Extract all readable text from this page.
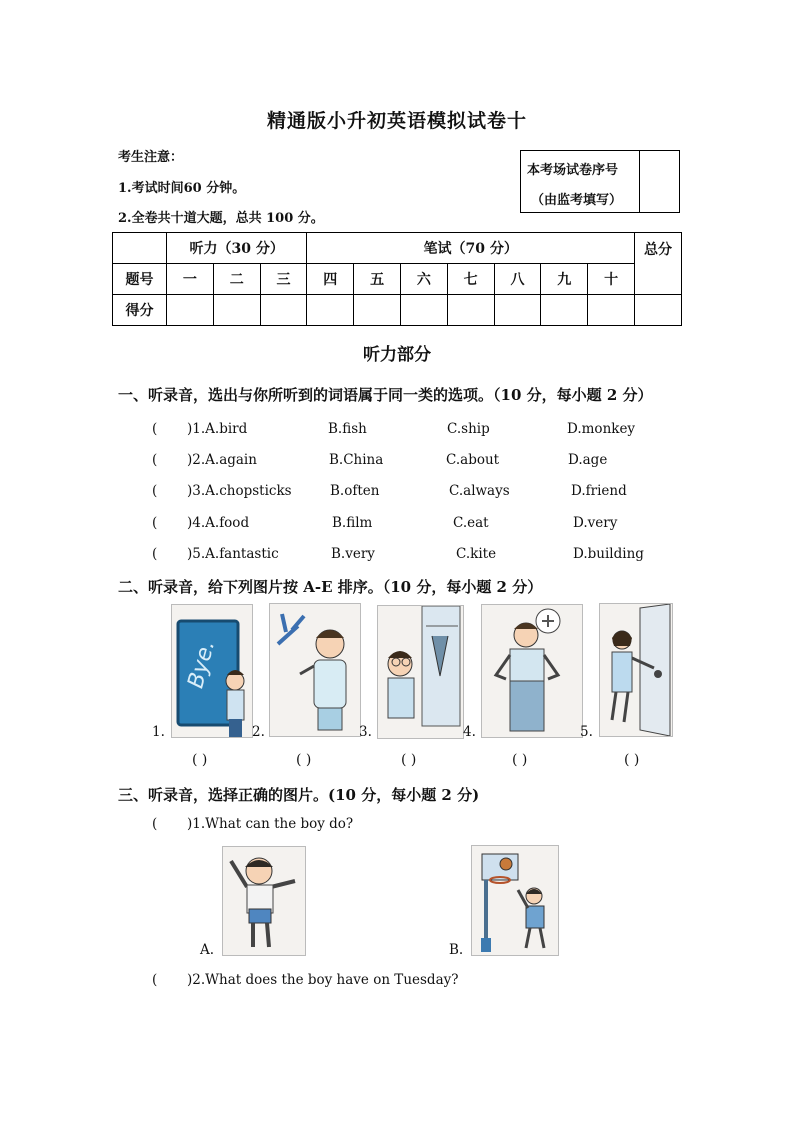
精通版小升初英语模拟试卷十
考生注意：
1.考试时间60 分钟。
2.全卷共十道大题，总共 100 分。
本考场试卷序号
（由监考填写）
	听力（30 分）			笔试（70 分）							总分
题号	一	二	三	四	五	六	七	八	九	十	
得分											
听力部分
一、听录音，选出与你所听到的词语属于同一类的选项。（10 分，每小题 2 分）
( )1.A.bird	B.fish	C.ship	D.monkey
( )2.A.again	B.China	C.about	D.age
( )3.A.chopsticks	B.often	C.always	D.friend
( )4.A.food	B.film	C.eat	D.very
( )5.A.fantastic	B.very	C.kite	D.building
二、听录音，给下列图片按 A-E 排序。（10 分，每小题 2 分）
1.
Bye.
2.	3.	4.	5.
( )	( )	( )	( )	( )
三、听录音，选择正确的图片。(10 分，每小题 2 分)
( )1.What can the boy do?
A.	B.
( )2.What does the boy have on Tuesday?
